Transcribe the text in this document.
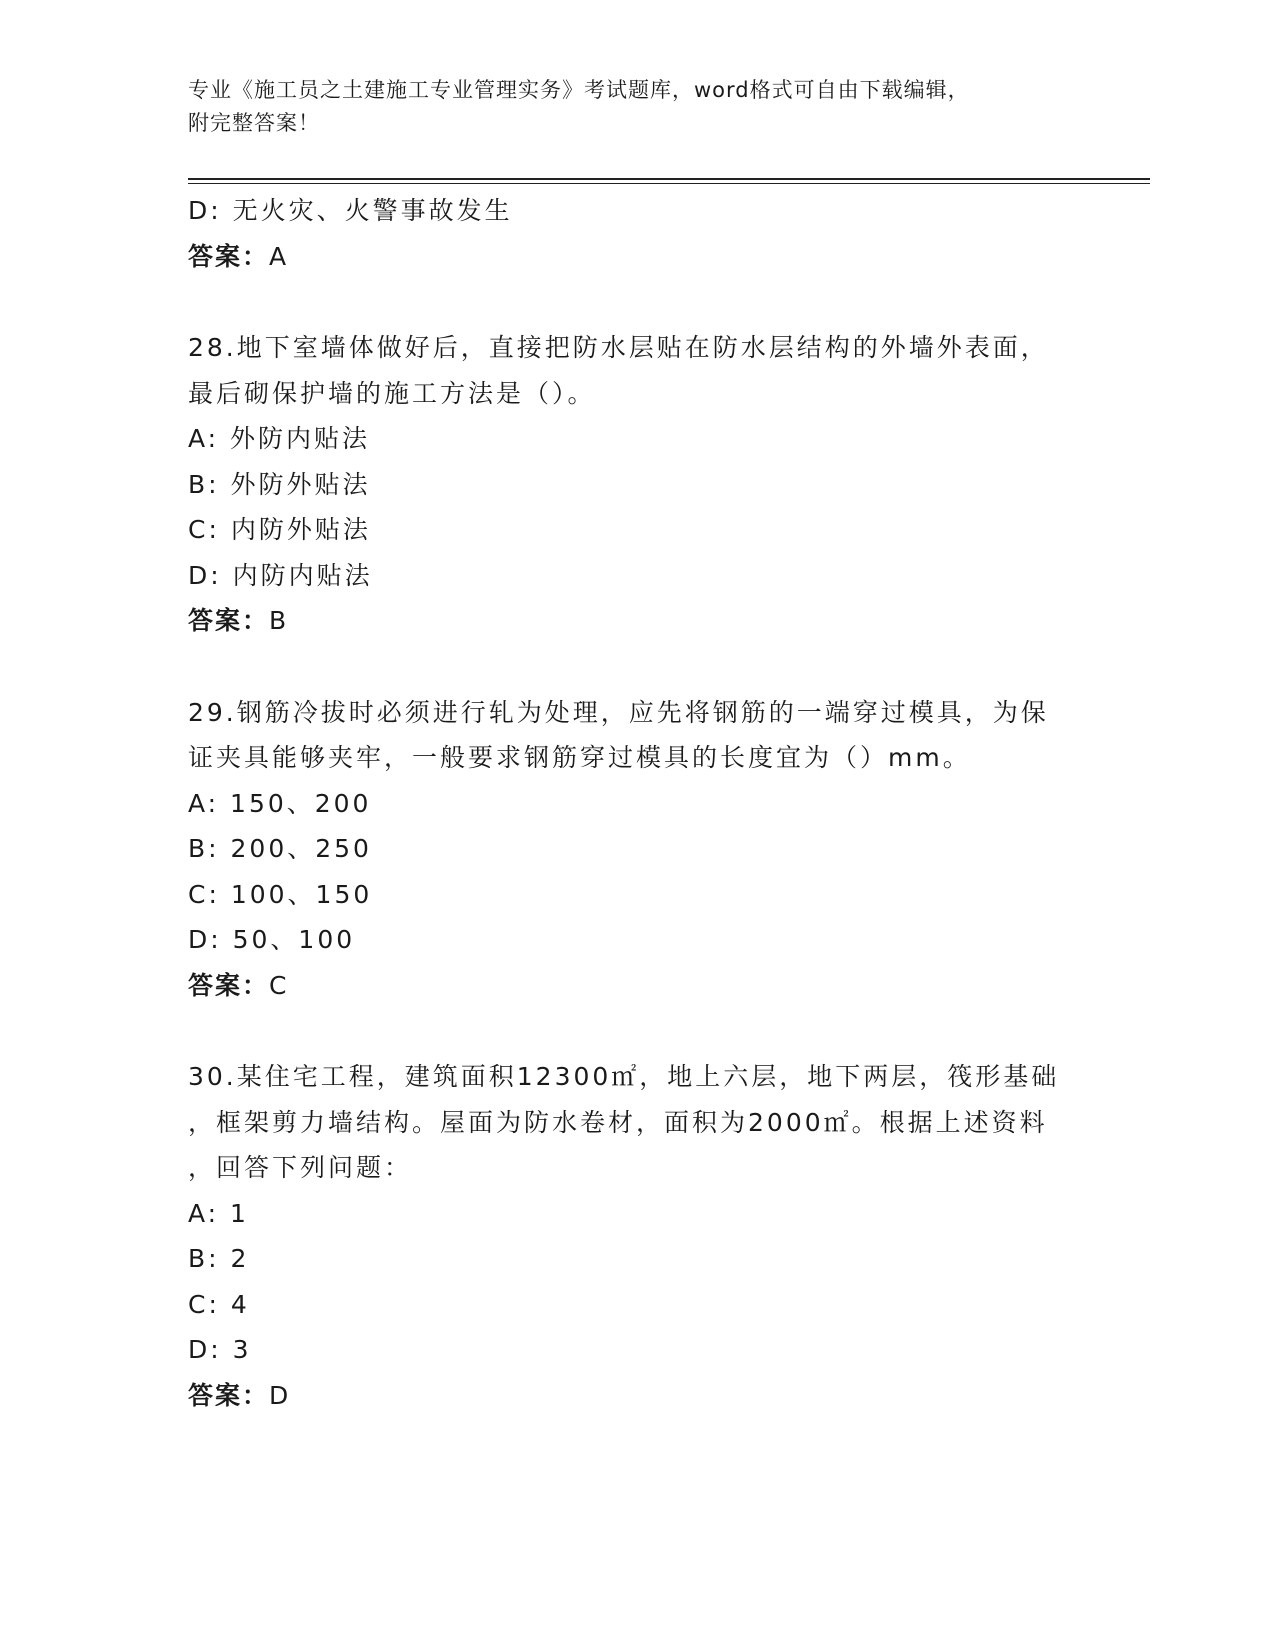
专业《施工员之土建施工专业管理实务》考试题库，word格式可自由下载编辑，
附完整答案！
D: 无火灾、火警事故发生
答案：A
28.地下室墙体做好后，直接把防水层贴在防水层结构的外墙外表面，
最后砌保护墙的施工方法是（）。
A: 外防内贴法
B: 外防外贴法
C: 内防外贴法
D: 内防内贴法
答案：B
29.钢筋冷拔时必须进行轧为处理，应先将钢筋的一端穿过模具，为保
证夹具能够夹牢，一般要求钢筋穿过模具的长度宜为（）mm。
A: 150、200
B: 200、250
C: 100、150
D: 50、100
答案：C
30.某住宅工程，建筑面积12300㎡，地上六层，地下两层，筏形基础
，框架剪力墙结构。屋面为防水卷材，面积为2000㎡。根据上述资料
，回答下列问题：
A: 1
B: 2
C: 4
D: 3
答案：D
